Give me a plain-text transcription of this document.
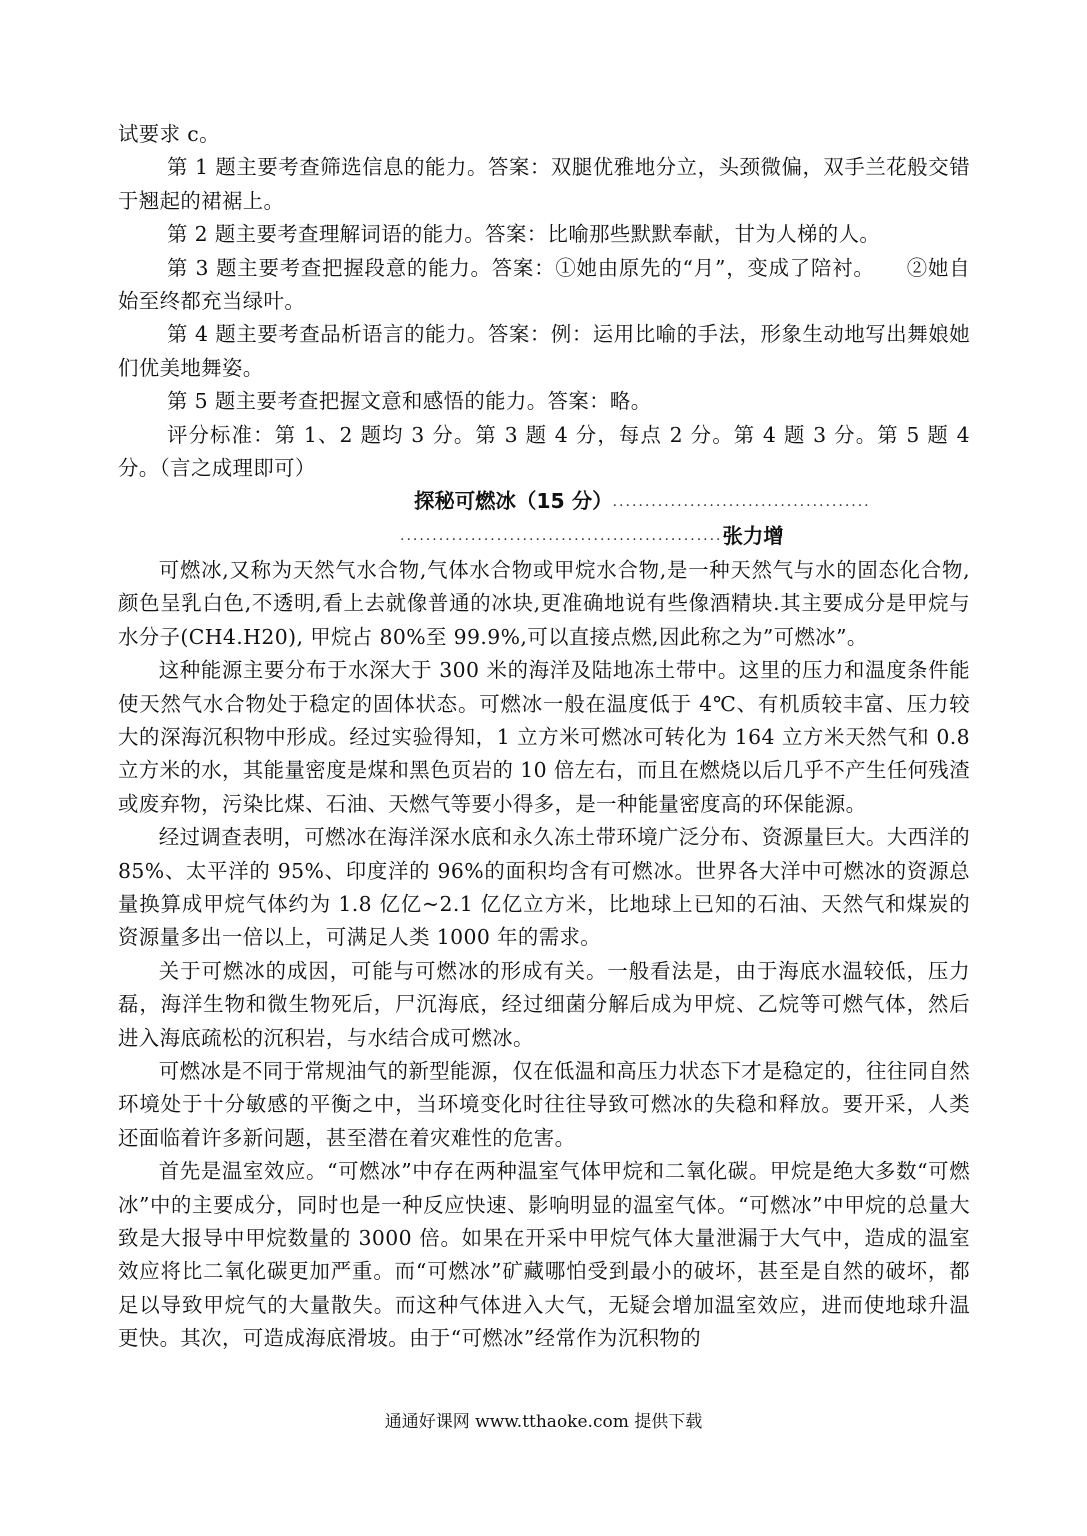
试要求 c。

第 1 题主要考查筛选信息的能力。答案：双腿优雅地分立，头颈微偏，双手兰花般交错于翘起的裙裾上。

第 2 题主要考查理解词语的能力。答案：比喻那些默默奉献，甘为人梯的人。

第 3 题主要考查把握段意的能力。答案：①她由原先的“月”，变成了陪衬。　　②她自始至终都充当绿叶。

第 4 题主要考查品析语言的能力。答案：例：运用比喻的手法，形象生动地写出舞娘她们优美地舞姿。

第 5 题主要考查把握文意和感悟的能力。答案：略。

评分标准：第 1、2 题均 3 分。第 3 题 4 分，每点 2 分。第 4 题 3 分。第 5 题 4 分。（言之成理即可）

探秘可燃冰（15 分）........................................
..................................................张力增

可燃冰,又称为天然气水合物,气体水合物或甲烷水合物,是一种天然气与水的固态化合物,颜色呈乳白色,不透明,看上去就像普通的冰块,更准确地说有些像酒精块.其主要成分是甲烷与水分子(CH4.H20), 甲烷占 80%至 99.9%,可以直接点燃,因此称之为”可燃冰”。

这种能源主要分布于水深大于 300 米的海洋及陆地冻土带中。这里的压力和温度条件能使天然气水合物处于稳定的固体状态。可燃冰一般在温度低于 4℃、有机质较丰富、压力较大的深海沉积物中形成。经过实验得知，1 立方米可燃冰可转化为 164 立方米天然气和 0.8 立方米的水，其能量密度是煤和黑色页岩的 10 倍左右，而且在燃烧以后几乎不产生任何残渣或废弃物，污染比煤、石油、天燃气等要小得多，是一种能量密度高的环保能源。

经过调查表明，可燃冰在海洋深水底和永久冻土带环境广泛分布、资源量巨大。大西洋的 85%、太平洋的 95%、印度洋的 96%的面积均含有可燃冰。世界各大洋中可燃冰的资源总量换算成甲烷气体约为 1.8 亿亿~2.1 亿亿立方米，比地球上已知的石油、天然气和煤炭的资源量多出一倍以上，可满足人类 1000 年的需求。

关于可燃冰的成因，可能与可燃冰的形成有关。一般看法是，由于海底水温较低，压力磊，海洋生物和微生物死后，尸沉海底，经过细菌分解后成为甲烷、乙烷等可燃气体，然后进入海底疏松的沉积岩，与水结合成可燃冰。

可燃冰是不同于常规油气的新型能源，仅在低温和高压力状态下才是稳定的，往往同自然环境处于十分敏感的平衡之中，当环境变化时往往导致可燃冰的失稳和释放。要开采，人类还面临着许多新问题，甚至潜在着灾难性的危害。

首先是温室效应。“可燃冰”中存在两种温室气体甲烷和二氧化碳。甲烷是绝大多数“可燃冰”中的主要成分，同时也是一种反应快速、影响明显的温室气体。“可燃冰”中甲烷的总量大致是大报导中甲烷数量的 3000 倍。如果在开采中甲烷气体大量泄漏于大气中，造成的温室效应将比二氧化碳更加严重。而“可燃冰”矿藏哪怕受到最小的破坏，甚至是自然的破坏，都足以导致甲烷气的大量散失。而这种气体进入大气，无疑会增加温室效应，进而使地球升温更快。其次，可造成海底滑坡。由于“可燃冰”经常作为沉积物的

通通好课网 www.tthaoke.com 提供下载
